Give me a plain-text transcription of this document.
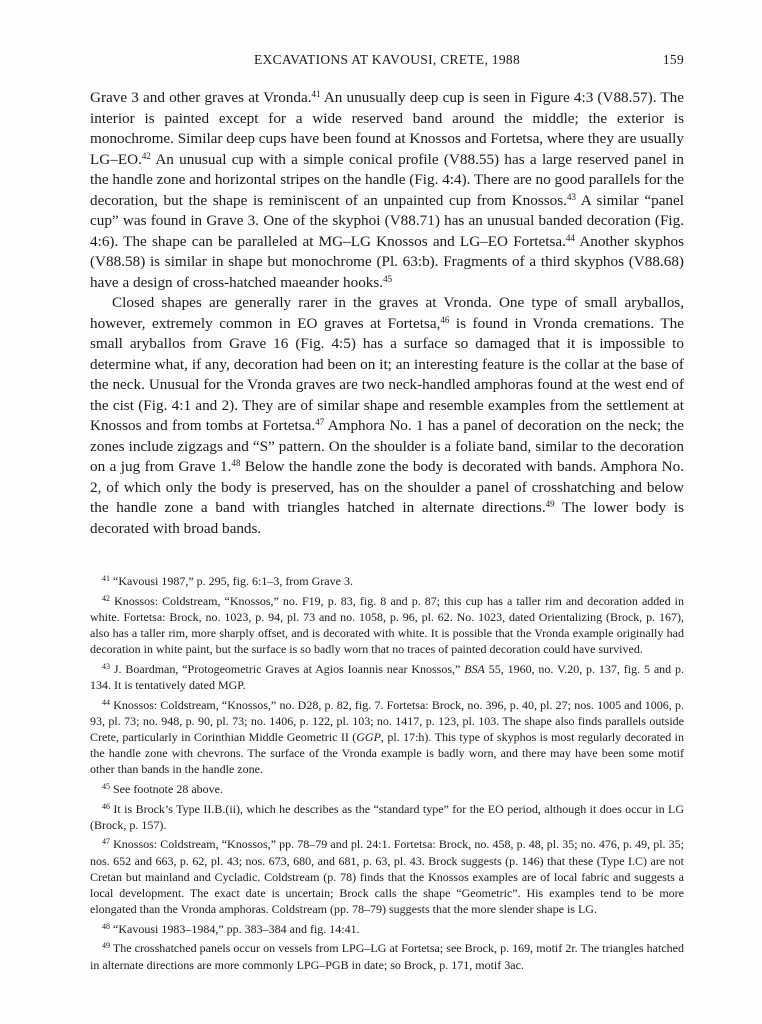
EXCAVATIONS AT KAVOUSI, CRETE, 1988	159

Grave 3 and other graves at Vronda.$^{41}$ An unusually deep cup is seen in Figure 4:3 (V88.57). The interior is painted except for a wide reserved band around the middle; the exterior is monochrome. Similar deep cups have been found at Knossos and Fortetsa, where they are usually LG–EO.$^{42}$ An unusual cup with a simple conical profile (V88.55) has a large reserved panel in the handle zone and horizontal stripes on the handle (Fig. 4:4). There are no good parallels for the decoration, but the shape is reminiscent of an unpainted cup from Knossos.$^{43}$ A similar “panel cup” was found in Grave 3. One of the skyphoi (V88.71) has an unusual banded decoration (Fig. 4:6). The shape can be paralleled at MG–LG Knossos and LG–EO Fortetsa.$^{44}$ Another skyphos (V88.58) is similar in shape but monochrome (Pl. 63:b). Fragments of a third skyphos (V88.68) have a design of cross-hatched maeander hooks.$^{45}$

Closed shapes are generally rarer in the graves at Vronda. One type of small aryballos, however, extremely common in EO graves at Fortetsa,$^{46}$ is found in Vronda cremations. The small aryballos from Grave 16 (Fig. 4:5) has a surface so damaged that it is impossible to determine what, if any, decoration had been on it; an interesting feature is the collar at the base of the neck. Unusual for the Vronda graves are two neck-handled amphoras found at the west end of the cist (Fig. 4:1 and 2). They are of similar shape and resemble examples from the settlement at Knossos and from tombs at Fortetsa.$^{47}$ Amphora No. 1 has a panel of decoration on the neck; the zones include zigzags and “S” pattern. On the shoulder is a foliate band, similar to the decoration on a jug from Grave 1.48 Below the handle zone the body is decorated with bands. Amphora No. 2, of which only the body is preserved, has on the shoulder a panel of crosshatching and below the handle zone a band with triangles hatched in alternate directions.$^{49}$ The lower body is decorated with broad bands.

$^{41}$ “Kavousi 1987,” p. 295, fig. 6:1–3, from Grave 3.
$^{42}$ Knossos: Coldstream, “Knossos,” no. F19, p. 83, fig. 8 and p. 87; this cup has a taller rim and decoration added in white. Fortetsa: Brock, no. 1023, p. 94, pl. 73 and no. 1058, p. 96, pl. 62. No. 1023, dated Orientalizing (Brock, p. 167), also has a taller rim, more sharply offset, and is decorated with white. It is possible that the Vronda example originally had decoration in white paint, but the surface is so badly worn that no traces of painted decoration could have survived.
$^{43}$ J. Boardman, “Protogeometric Graves at Agios Ioannis near Knossos,” BSA 55, 1960, no. V.20, p. 137, fig. 5 and p. 134. It is tentatively dated MGP.
$^{44}$ Knossos: Coldstream, “Knossos,” no. D28, p. 82, fig. 7. Fortetsa: Brock, no. 396, p. 40, pl. 27; nos. 1005 and 1006, p. 93, pl. 73; no. 948, p. 90, pl. 73; no. 1406, p. 122, pl. 103; no. 1417, p. 123, pl. 103. The shape also finds parallels outside Crete, particularly in Corinthian Middle Geometric II (GGP, pl. 17:h). This type of skyphos is most regularly decorated in the handle zone with chevrons. The surface of the Vronda example is badly worn, and there may have been some motif other than bands in the handle zone.
$^{45}$ See footnote 28 above.
$^{46}$ It is Brock’s Type II.B.(ii), which he describes as the “standard type” for the EO period, although it does occur in LG (Brock, p. 157).
$^{47}$ Knossos: Coldstream, “Knossos,” pp. 78–79 and pl. 24:1. Fortetsa: Brock, no. 458, p. 48, pl. 35; no. 476, p. 49, pl. 35; nos. 652 and 663, p. 62, pl. 43; nos. 673, 680, and 681, p. 63, pl. 43. Brock suggests (p. 146) that these (Type I.C) are not Cretan but mainland and Cycladic. Coldstream (p. 78) finds that the Knossos examples are of local fabric and suggests a local development. The exact date is uncertain; Brock calls the shape “Geometric”. His examples tend to be more elongated than the Vronda amphoras. Coldstream (pp. 78–79) suggests that the more slender shape is LG.
$^{48}$ “Kavousi 1983–1984,” pp. 383–384 and fig. 14:41.
$^{49}$ The crosshatched panels occur on vessels from LPG–LG at Fortetsa; see Brock, p. 169, motif 2r. The triangles hatched in alternate directions are more commonly LPG–PGB in date; so Brock, p. 171, motif 3ac.
